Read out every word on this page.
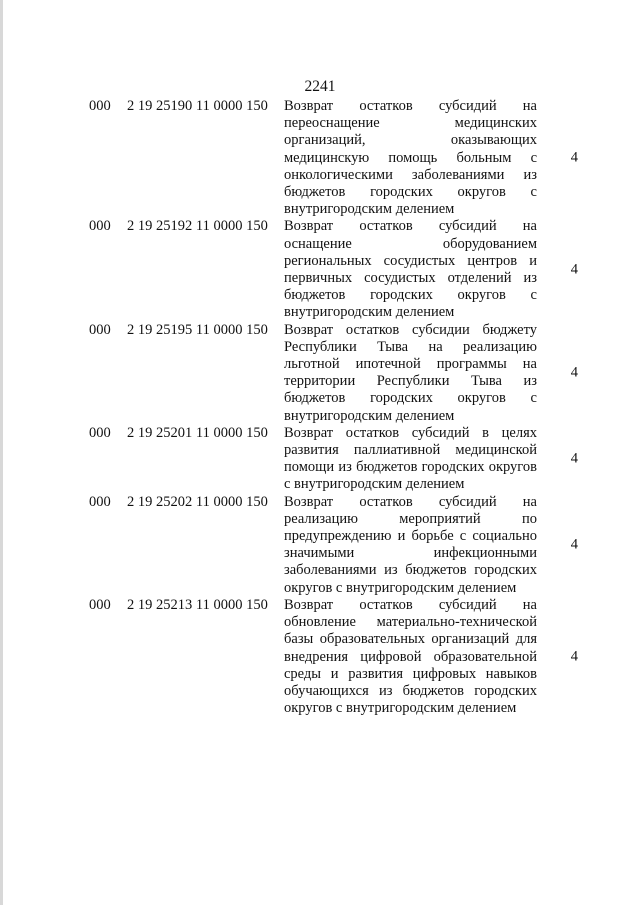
2241
000 2 19 25190 11 0000 150 Возврат остатков субсидий на
переоснащение медицинских
организаций, оказывающих
медицинскую помощь больным с
онкологическими заболеваниями из
бюджетов городских округов с
внутригородским делением
4
000 2 19 25192 11 0000 150 Возврат остатков субсидий на
оснащение оборудованием
региональных сосудистых центров и
первичных сосудистых отделений из
бюджетов городских округов с
внутригородским делением
4
000 2 19 25195 11 0000 150 Возврат остатков субсидии бюджету
Республики Тыва на реализацию
льготной ипотечной программы на
территории Республики Тыва из
бюджетов городских округов с
внутригородским делением
4
000 2 19 25201 11 0000 150 Возврат остатков субсидий в целях
развития паллиативной медицинской
помощи из бюджетов городских округов
с внутригородским делением
4
000 2 19 25202 11 0000 150 Возврат остатков субсидий на
реализацию мероприятий по
предупреждению и борьбе с социально
значимыми инфекционными
заболеваниями из бюджетов городских
округов с внутригородским делением
4
000 2 19 25213 11 0000 150 Возврат остатков субсидий на
обновление материально-технической
базы образовательных организаций для
внедрения цифровой образовательной
среды и развития цифровых навыков
обучающихся из бюджетов городских
округов с внутригородским делением
4
